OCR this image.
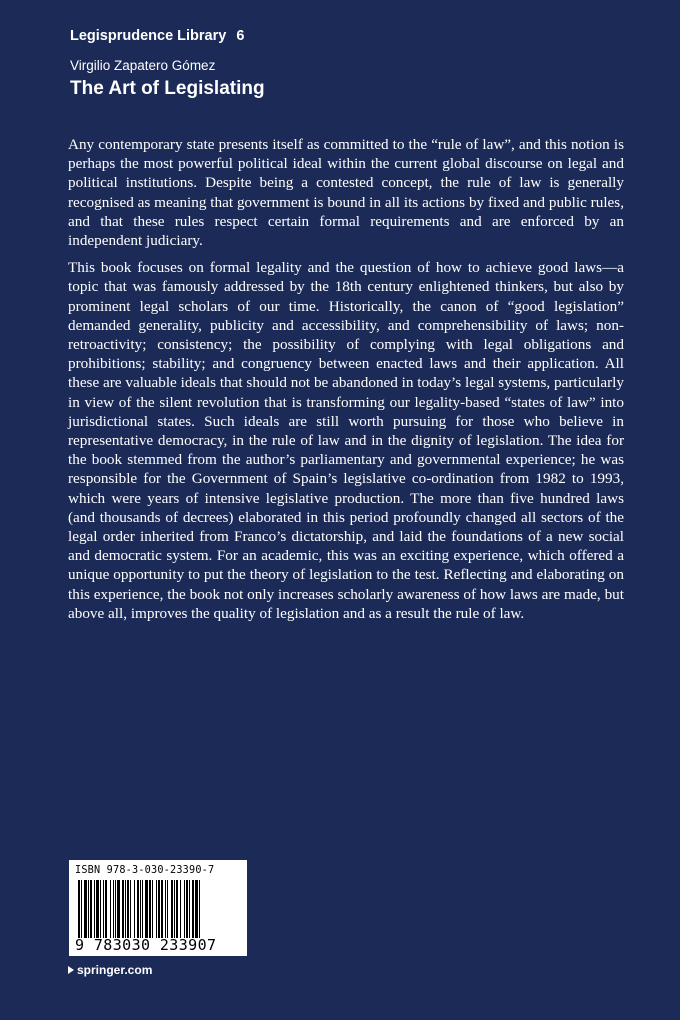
Legisprudence Library 6
Virgilio Zapatero Gómez
The Art of Legislating

Any contemporary state presents itself as committed to the “rule of law”, and this notion is perhaps the most powerful political ideal within the current global discourse on legal and political institutions. Despite being a contested concept, the rule of law is generally recognised as meaning that government is bound in all its actions by fixed and public rules, and that these rules respect certain formal requirements and are enforced by an independent judiciary.

This book focuses on formal legality and the question of how to achieve good laws—a topic that was famously addressed by the 18th century enlightened thinkers, but also by prominent legal scholars of our time. Historically, the canon of “good legislation” demanded generality, publicity and accessibility, and comprehensibility of laws; non-retroactivity; consistency; the possibility of complying with legal obligations and prohibitions; stability; and congruency between enacted laws and their application. All these are valuable ideals that should not be abandoned in today’s legal systems, particularly in view of the silent revolution that is transforming our legality-based “states of law” into jurisdictional states. Such ideals are still worth pursuing for those who believe in representative democracy, in the rule of law and in the dignity of legislation. The idea for the book stemmed from the author’s parliamentary and governmental experience; he was responsible for the Government of Spain’s legislative co-ordination from 1982 to 1993, which were years of intensive legislative production. The more than five hundred laws (and thousands of decrees) elaborated in this period profoundly changed all sectors of the legal order inherited from Franco’s dictatorship, and laid the foundations of a new social and democratic system. For an academic, this was an exciting experience, which offered a unique opportunity to put the theory of legislation to the test. Reflecting and elaborating on this experience, the book not only increases scholarly awareness of how laws are made, but above all, improves the quality of legislation and as a result the rule of law.

ISBN 978-3-030-23390-7
9 783030 233907
springer.com
